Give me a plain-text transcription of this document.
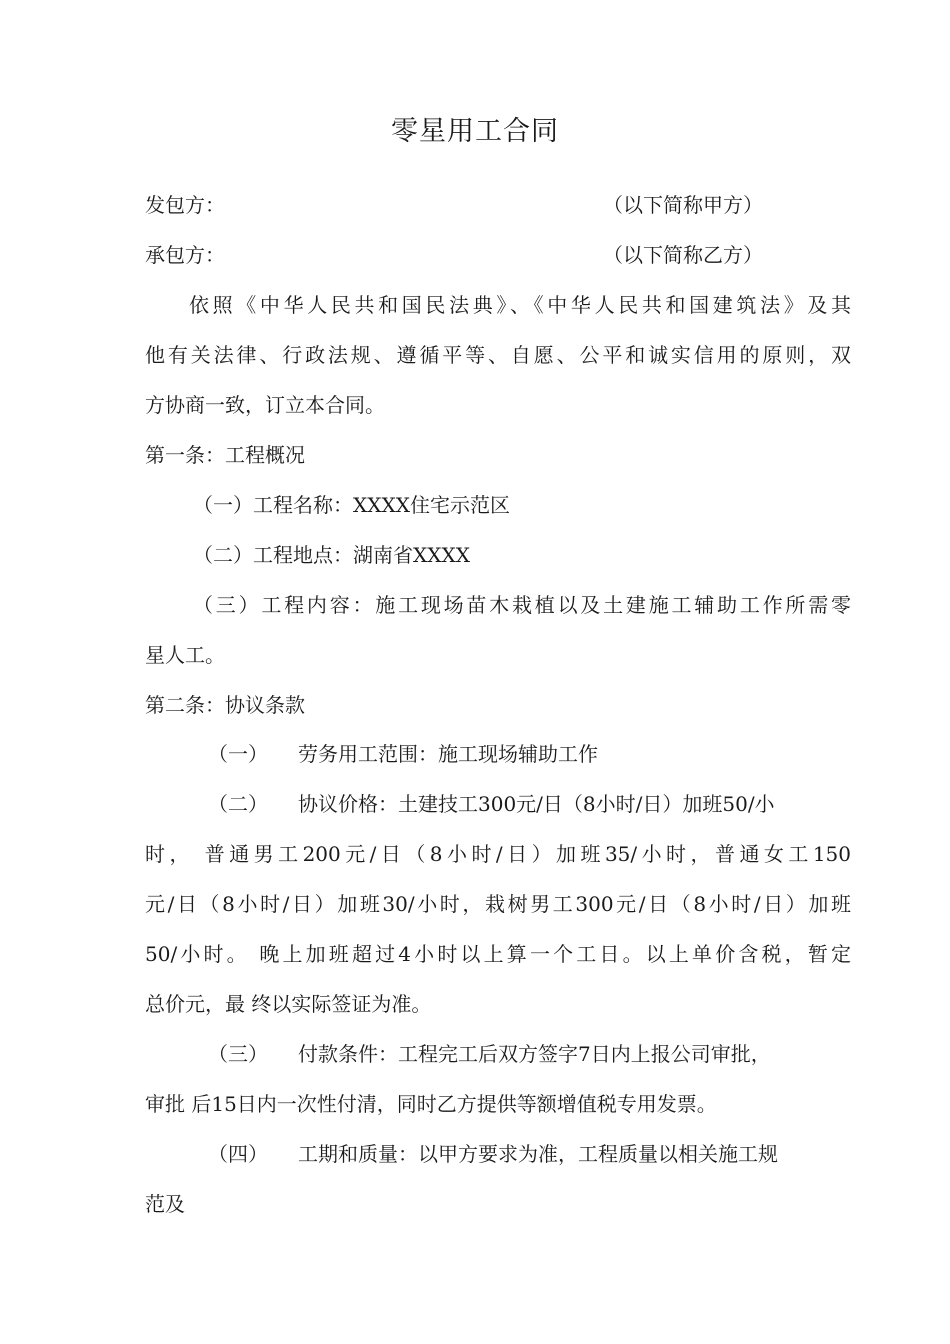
零星用工合同
发包方：	（以下简称甲方）
承包方：	（以下简称乙方）
依照《中华人民共和国民法典》、《中华人民共和国建筑法》及其
他有关法律、行政法规、遵循平等、自愿、公平和诚实信用的原则，双
方协商一致，订立本合同。
第一条：工程概况
（一）工程名称：XXXX住宅示范区
（二）工程地点：湖南省XXXX
（三）工程内容：施工现场苗木栽植以及土建施工辅助工作所需零
星人工。
第二条：协议条款
（一） 劳务用工范围：施工现场辅助工作
（二） 协议价格：土建技工300元/日（8小时/日）加班50/小
时， 普通男工200元/日（8小时/日）加班35/小时，普通女工150
元/日（8小时/日）加班30/小时，栽树男工300元/日（8小时/日）加班
50/小时。 晚上加班超过4小时以上算一个工日。以上单价含税，暂定
总价元，最 终以实际签证为准。
（三） 付款条件：工程完工后双方签字7日内上报公司审批，
审批 后15日内一次性付清，同时乙方提供等额增值税专用发票。
（四） 工期和质量：以甲方要求为准，工程质量以相关施工规
范及
